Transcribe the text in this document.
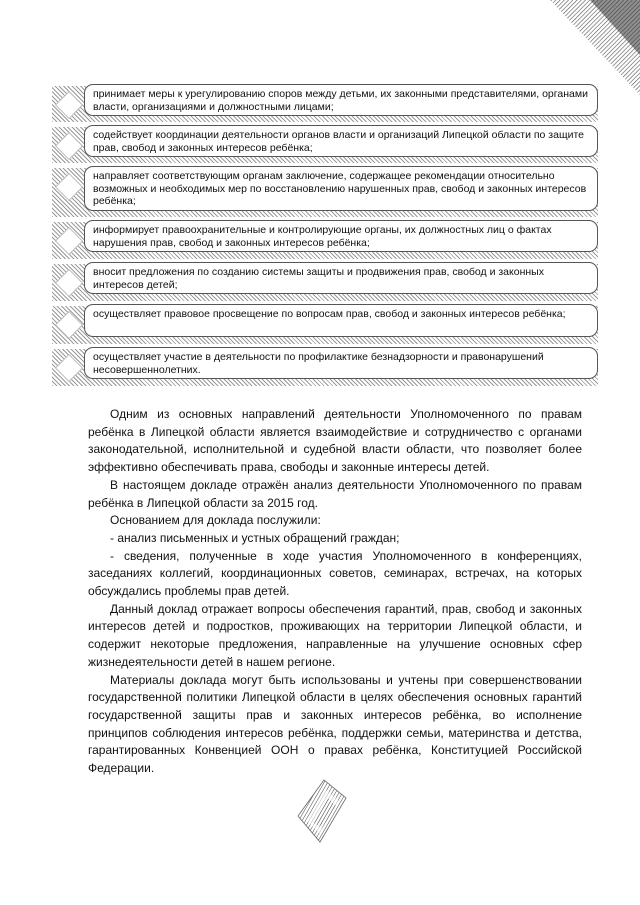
принимает меры к урегулированию споров между детьми, их законными представителями, органами власти, организациями и должностными лицами;
содействует координации деятельности органов власти и организаций Липецкой области по защите прав, свобод и законных интересов ребёнка;
направляет соответствующим органам заключение, содержащее рекомендации относительно возможных и необходимых мер по восстановлению нарушенных прав, свобод и законных интересов ребёнка;
информирует правоохранительные и контролирующие органы, их должностных лиц о фактах нарушения прав, свобод и законных интересов ребёнка;
вносит предложения по созданию системы защиты и продвижения прав, свобод и законных интересов детей;
осуществляет правовое просвещение по вопросам прав, свобод и законных интересов ребёнка;
осуществляет участие в деятельности по профилактике безнадзорности и правонарушений несовершеннолетних.

Одним из основных направлений деятельности Уполномоченного по правам ребёнка в Липецкой области является взаимодействие и сотрудничество с органами законодательной, исполнительной и судебной власти области, что позволяет более эффективно обеспечивать права, свободы и законные интересы детей.

В настоящем докладе отражён анализ деятельности Уполномоченного по правам ребёнка в Липецкой области за 2015 год.

Основанием для доклада послужили:

- анализ письменных и устных обращений граждан;

- сведения, полученные в ходе участия Уполномоченного в конференциях, заседаниях коллегий, координационных советов, семинарах, встречах, на которых обсуждались проблемы прав детей.

Данный доклад отражает вопросы обеспечения гарантий, прав, свобод и законных интересов детей и подростков, проживающих на территории Липецкой области, и содержит некоторые предложения, направленные на улучшение основных сфер жизнедеятельности детей в нашем регионе.

Материалы доклада могут быть использованы и учтены при совершенствовании государственной политики Липецкой области в целях обеспечения основных гарантий государственной защиты прав и законных интересов ребёнка, во исполнение принципов соблюдения интересов ребёнка, поддержки семьи, материнства и детства, гарантированных Конвенцией ООН о правах ребёнка, Конституцией Российской Федерации.
